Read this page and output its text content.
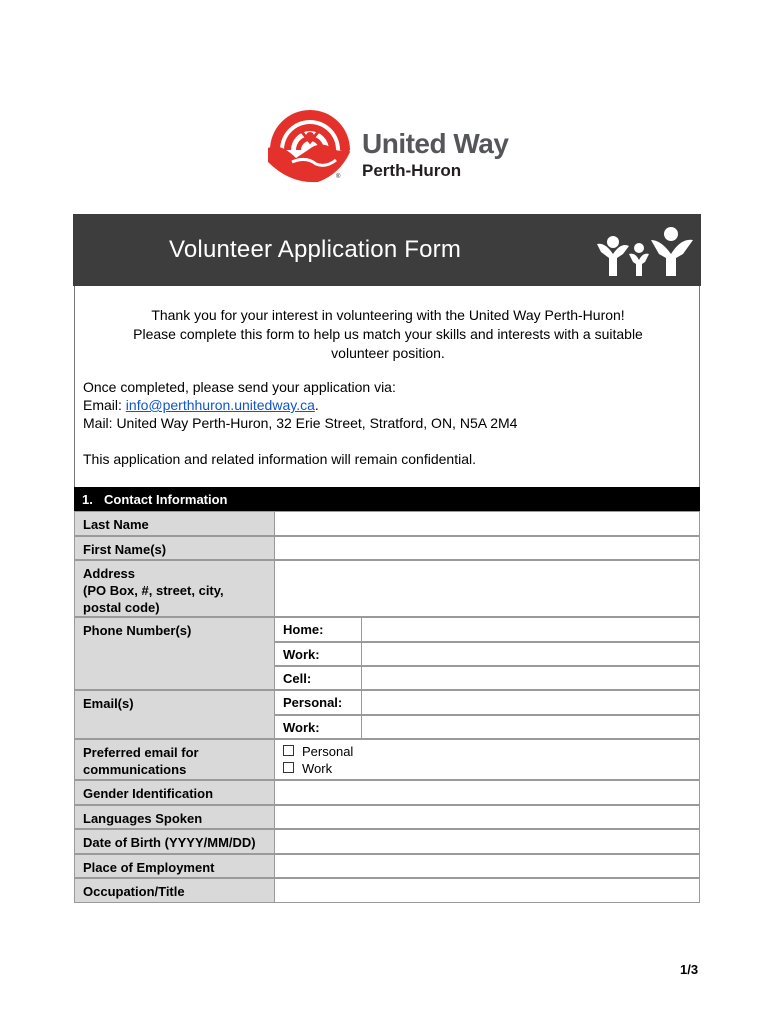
®
United Way
Perth-Huron
Volunteer Application Form
Thank you for your interest in volunteering with the United Way Perth-Huron!
Please complete this form to help us match your skills and interests with a suitable
volunteer position.
Once completed, please send your application via:
Email: info@perthhuron.unitedway.ca.
Mail: United Way Perth-Huron, 32 Erie Street, Stratford, ON, N5A 2M4
This application and related information will remain confidential.
1. Contact Information
Last Name
First Name(s)
Address
(PO Box, #, street, city,
postal code)
Phone Number(s)	Home:
Work:
Cell:
Email(s)	Personal:
Work:
Preferred email for
communications
Personal
Work
Gender Identification
Languages Spoken
Date of Birth (YYYY/MM/DD)
Place of Employment
Occupation/Title
1/3
